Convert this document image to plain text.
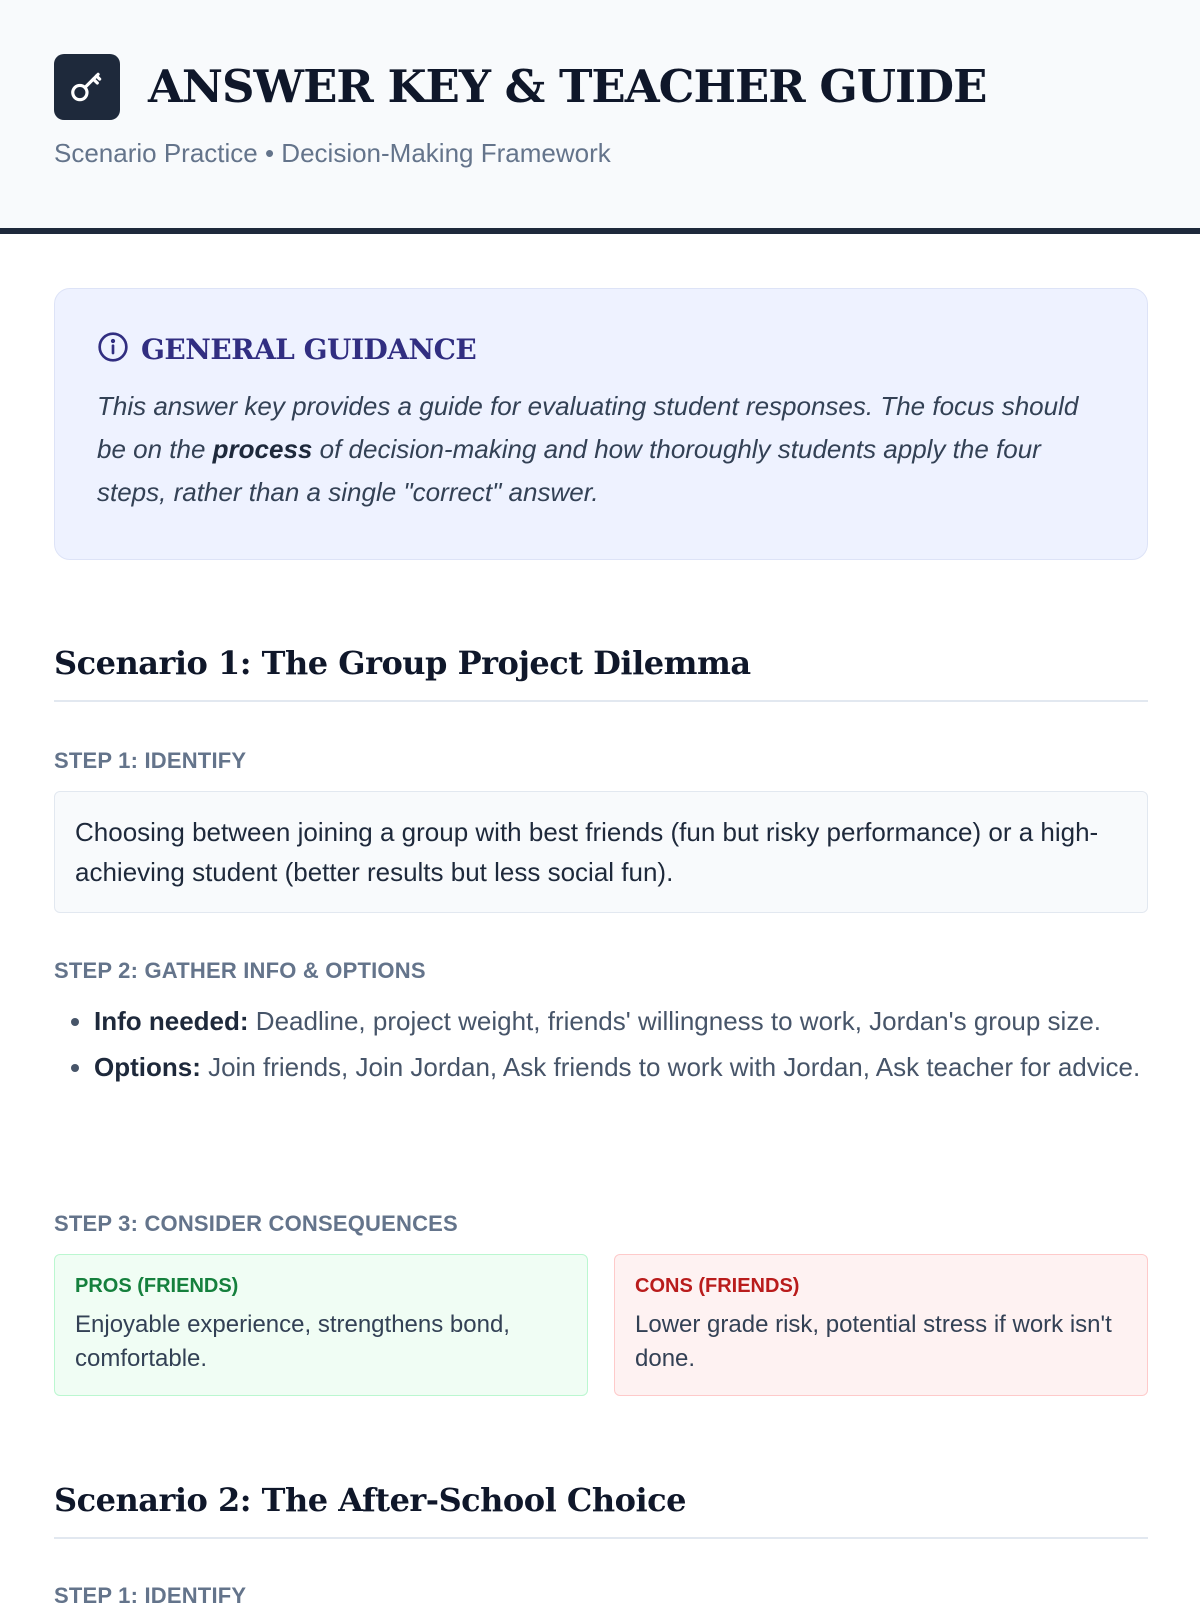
ANSWER KEY & TEACHER GUIDE
Scenario Practice • Decision-Making Framework
GENERAL GUIDANCE

This answer key provides a guide for evaluating student responses. The focus should be on the process of decision-making and how thoroughly students apply the four steps, rather than a single "correct" answer.

Scenario 1: The Group Project Dilemma
STEP 1: IDENTIFY
Choosing between joining a group with best friends (fun but risky performance) or a high-achieving student (better results but less social fun).
STEP 2: GATHER INFO & OPTIONS
• Info needed: Deadline, project weight, friends' willingness to work, Jordan's group size.
• Options: Join friends, Join Jordan, Ask friends to work with Jordan, Ask teacher for advice.
STEP 3: CONSIDER CONSEQUENCES
PROS (FRIENDS)
Enjoyable experience, strengthens bond, comfortable.
CONS (FRIENDS)
Lower grade risk, potential stress if work isn't done.
Scenario 2: The After-School Choice
STEP 1: IDENTIFY
